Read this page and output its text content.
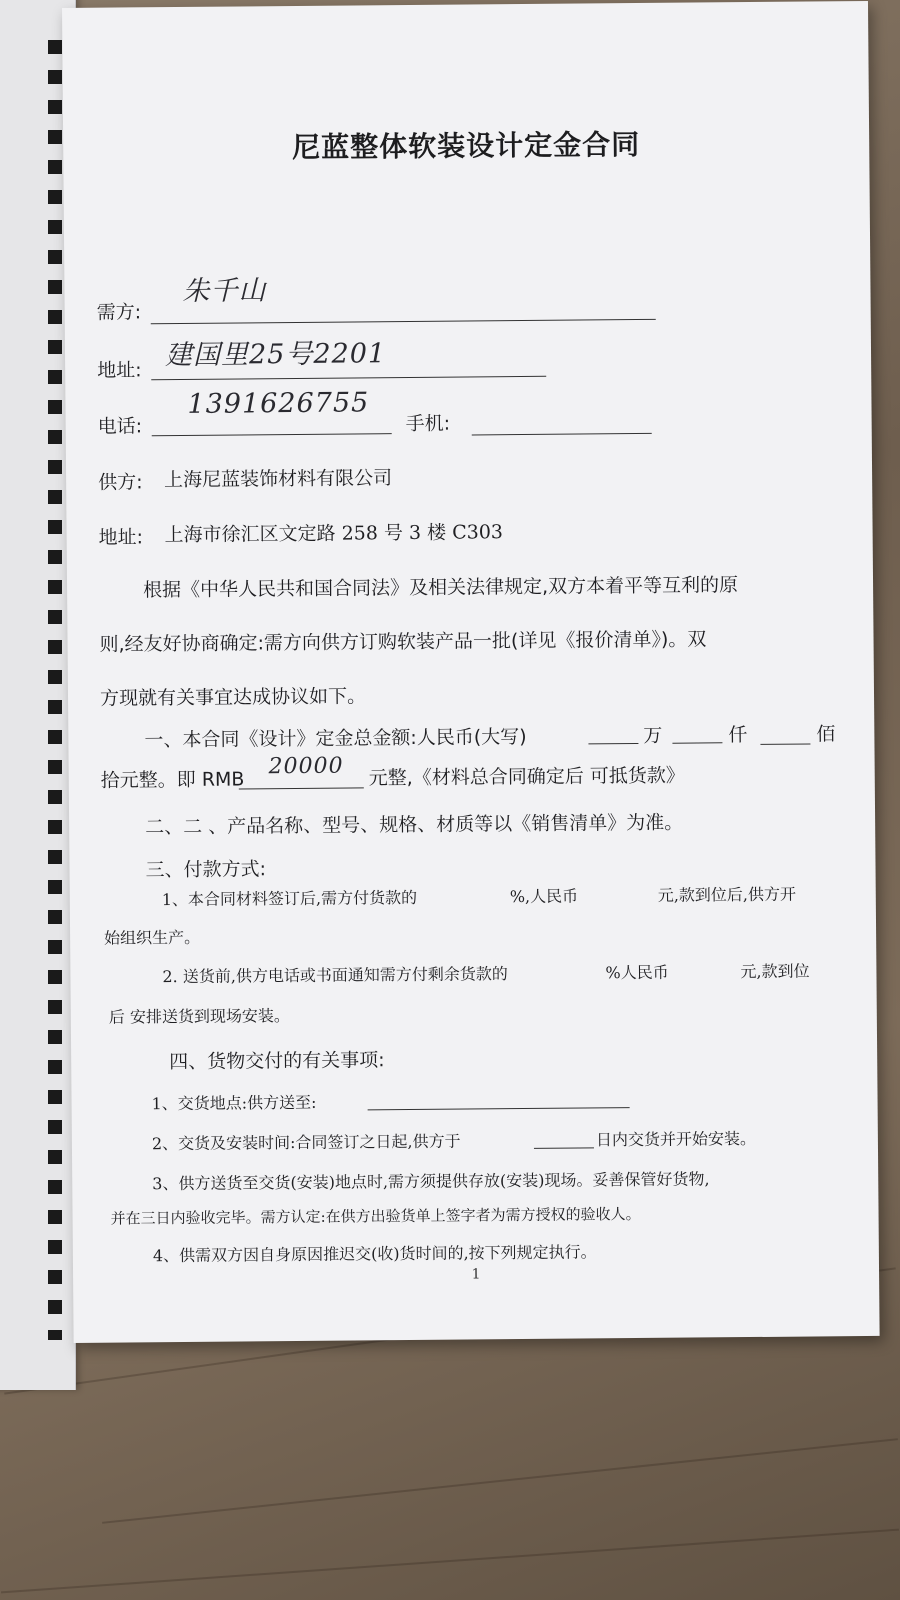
尼蓝整体软装设计定金合同
需方:
朱千山
地址: 建国里25号2201
电话:
1391626755
手机:
供方: 上海尼蓝装饰材料有限公司
地址: 上海市徐汇区文定路 258 号 3 楼 C303
根据《中华人民共和国合同法》及相关法律规定,双方本着平等互利的原
则,经友好协商确定:需方向供方订购软装产品一批(详见《报价清单》)。双
方现就有关事宜达成协议如下。
一、本合同《设计》定金总金额:人民币(大写)	万	仟	佰
拾元整。即 RMB
20000 元整,《材料总合同确定后 可抵货款》
二、二 、产品名称、型号、规格、材质等以《销售清单》为准。
三、付款方式:
1、本合同材料签订后,需方付货款的	%,人民币	元,款到位后,供方开
始组织生产。
2. 送货前,供方电话或书面通知需方付剩余货款的	%人民币	元,款到位
后 安排送货到现场安装。
四、货物交付的有关事项:
1、交货地点:供方送至:
2、交货及安装时间:合同签订之日起,供方于	日内交货并开始安装。
3、供方送货至交货(安装)地点时,需方须提供存放(安装)现场。妥善保管好货物,
并在三日内验收完毕。需方认定:在供方出验货单上签字者为需方授权的验收人。
4、供需双方因自身原因推迟交(收)货时间的,按下列规定执行。
1
